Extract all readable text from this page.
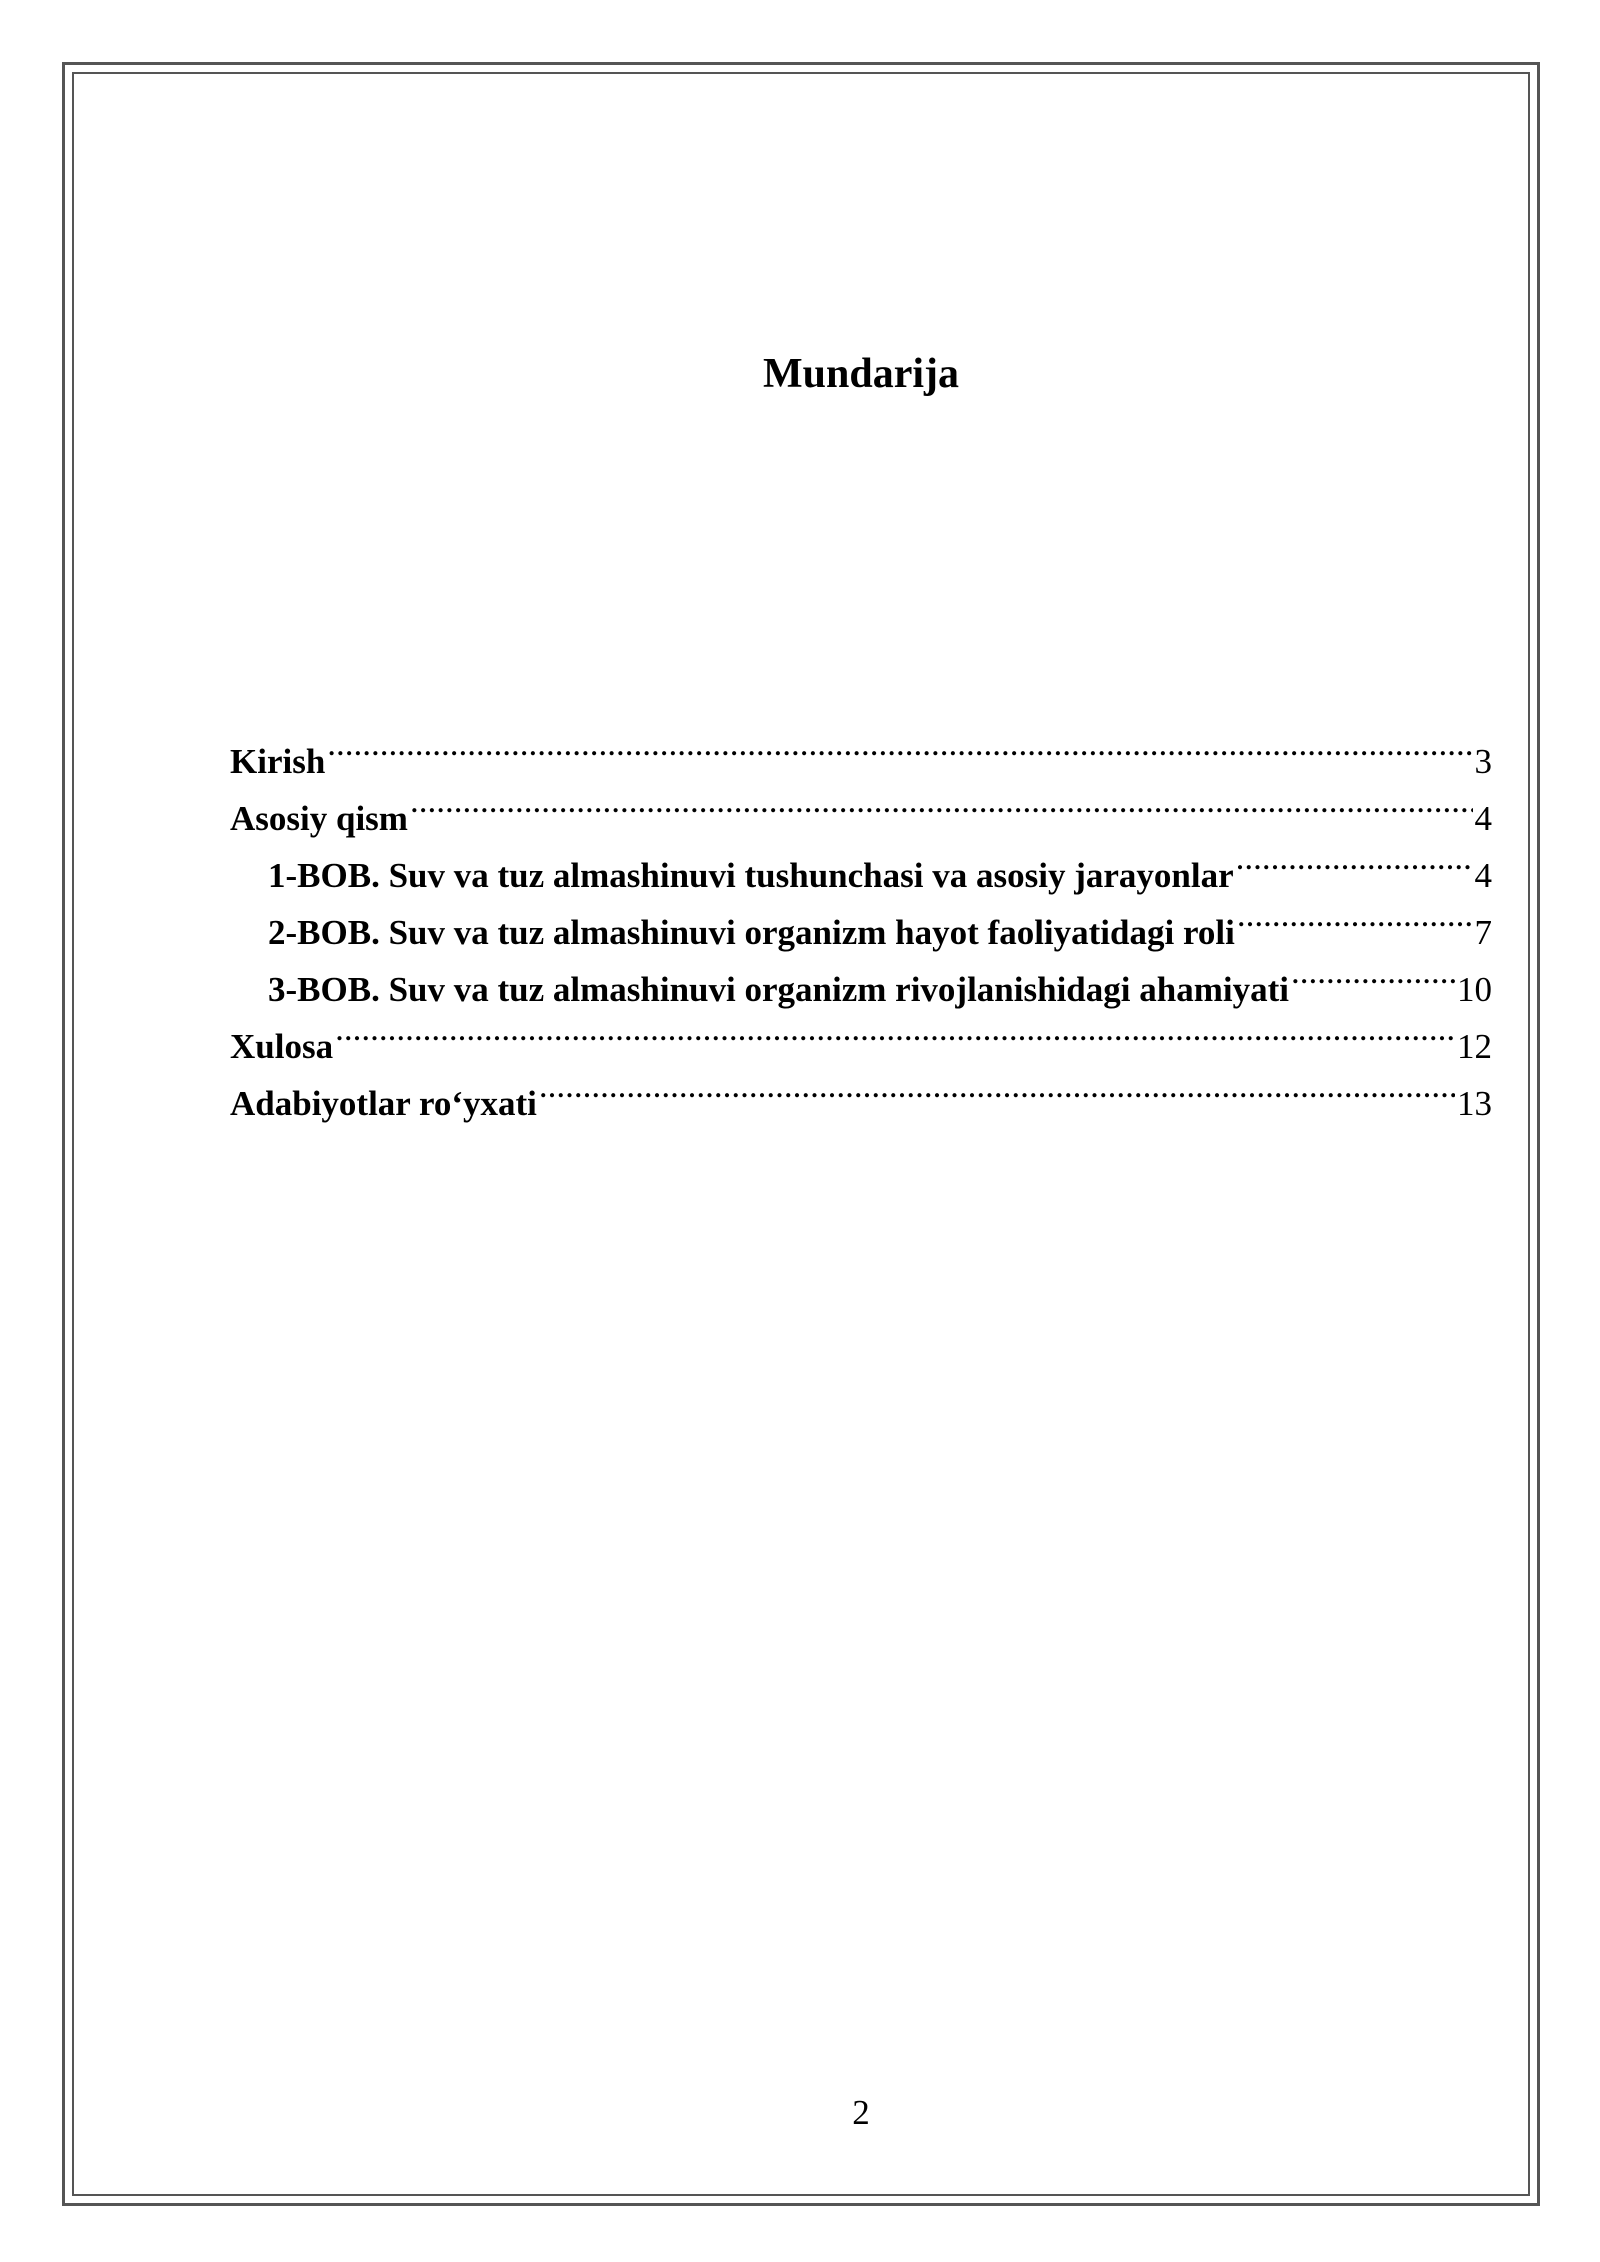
Mundarija
Kirish .....	3
Asosiy qism .....	4
1-BOB. Suv va tuz almashinuvi tushunchasi va asosiy jarayonlar .....	4
2-BOB. Suv va tuz almashinuvi organizm hayot faoliyatidagi roli .....	7
3-BOB. Suv va tuz almashinuvi organizm rivojlanishidagi ahamiyati .....	10
Xulosa .....	12
Adabiyotlar ro‘yxati .....	13
2
